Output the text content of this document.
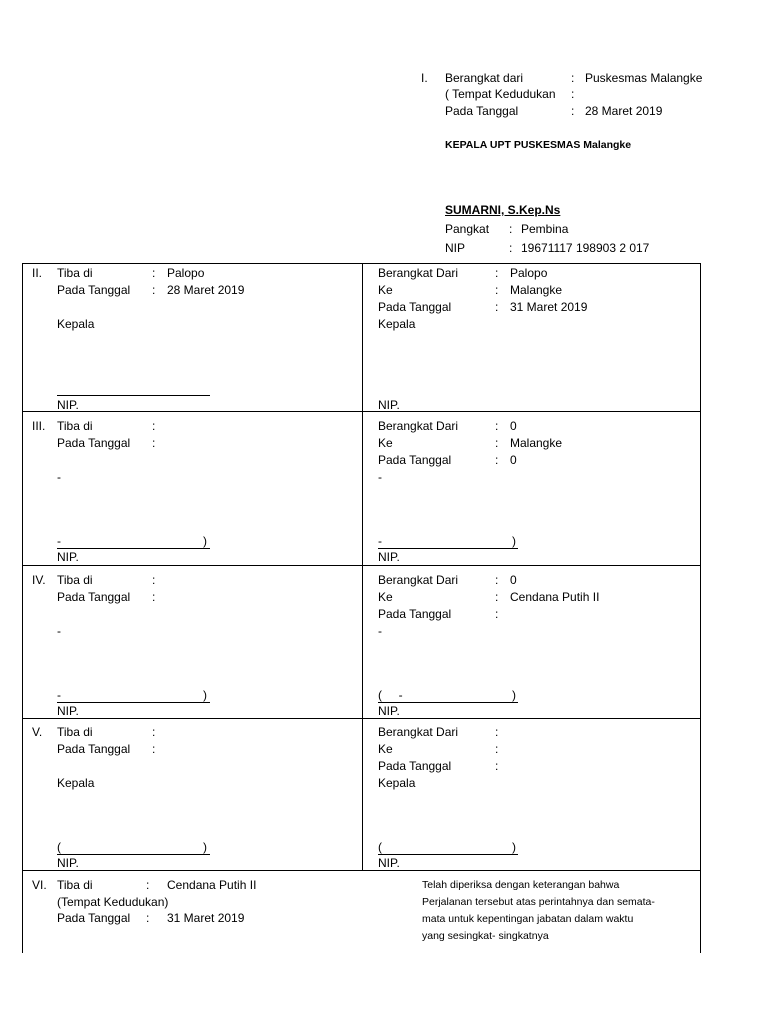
I. Berangkat dari	: Puskesmas Malangke
( Tempat Kedudukan :
Pada Tanggal	: 28 Maret 2019
KEPALA UPT PUSKESMAS Malangke
SUMARNI, S.Kep.Ns
Pangkat : Pembina
NIP	: 19671117 198903 2 017
II. Tiba di	: Palopo
Pada Tanggal : 28 Maret 2019
Kepala
NIP.
Berangkat Dari	: Palopo
Ke	: Malangke
Pada Tanggal	: 31 Maret 2019
Kepala
NIP.
III. Tiba di	:
Pada Tanggal :
-
-	)
NIP.
Berangkat Dari	: 0
Ke	: Malangke
Pada Tanggal	: 0
-
-	)
NIP.
IV. Tiba di	:
Pada Tanggal :
-
-	)
NIP.
Berangkat Dari	: 0
Ke	: Cendana Putih II
Pada Tanggal	:
-
(     -	)
NIP.
V. Tiba di	:
Pada Tanggal :
Kepala
(	)
NIP.
Berangkat Dari	:
Ke	:
Pada Tanggal	:
Kepala
(	)
NIP.
VI. Tiba di	: Cendana Putih II
(Tempat Kedudukan)
Pada Tanggal : 31 Maret 2019
Telah diperiksa dengan keterangan bahwa
Perjalanan tersebut atas perintahnya dan semata-
mata untuk kepentingan jabatan dalam waktu
yang sesingkat- singkatnya
